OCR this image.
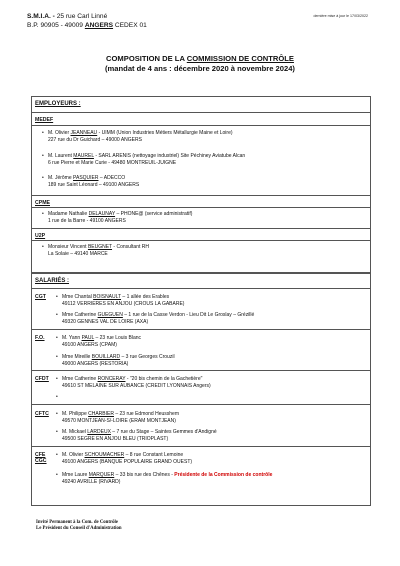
S.M.I.A. - 25 rue Carl Linné
B.P. 90905 - 49009 ANGERS CEDEX 01
dernière mise à jour le 17/03/2022
COMPOSITION DE LA COMMISSION DE CONTRÔLE
(mandat de 4 ans : décembre 2020 à novembre 2024)
EMPLOYEURS :
MEDEF
• M. Olivier JEANNEAU - UIMM (Union Industries Métiers Métallurgie Maine et Loire)
227 rue du Dr Guichard – 49000 ANGERS
• M. Laurent MAUREL - SARL ARENIS (nettoyage industriel) Site Péchiney Aviatube Alcan
6 rue Pierre et Marie Curie - 49480 MONTREUIL-JUIGNE
• M. Jérôme PASQUIER – ADECCO
189 rue Saint Léonard – 49100 ANGERS
CPME
• Madame Nathalie DELAUNAY – PHONE@ (service administratif)
1 rue de la Barre - 49100 ANGERS
U2P
• Monsieur Vincent BEUGNET - Consultant RH
La Solaie – 49140 MARCE
SALARIÉS :
CGT • Mme Chantal BOISNAULT – 1 allée des Erables
49112 VERRIERES EN ANJOU (CROUS LA GABARE)
• Mme Catherine GUEGUEN – 1 rue de la Casse Verdon - Lieu Dit Le Groslay – Grézillé
49320 GENNES VAL DE LOIRE (AXA)
F.O. • M. Yann PAUL – 23 rue Louis Blanc
49100 ANGERS (CPAM)
• Mme Mireille BOUILLARD – 3 rue Georges Crouzil
49000 ANGERS (RESTORIA)
CFDT • Mme Catherine RONCERAY - "20 bis chemin de la Gachetière"
49610 ST MELAINE SUR AUBANCE (CREDIT LYONNAIS Angers)
•
CFTC • M. Philippe CHARBIER – 23 rue Edmond Heusshem
49570 MONTJEAN-S/-LOIRE (ERAM MONTJEAN)
• M. Mickael LARDEUX – 7 rue du Stage – Saintes Gemmes d'Andigné
49500 SEGRE EN ANJOU BLEU (TRIOPLAST)
CFE
CGC
• M. Olivier SCHOUMACHER – 8 rue Constant Lemoine
49100 ANGERS (BANQUE POPULAIRE GRAND OUEST)
• Mme Laure MARQUER – 33 bis rue des Chênes - Présidente de la Commission de contrôle
49240 AVRILLE (RIVARD)
Invité Permanent à la Com. de Contrôle
Le Président du Conseil d'Administration
